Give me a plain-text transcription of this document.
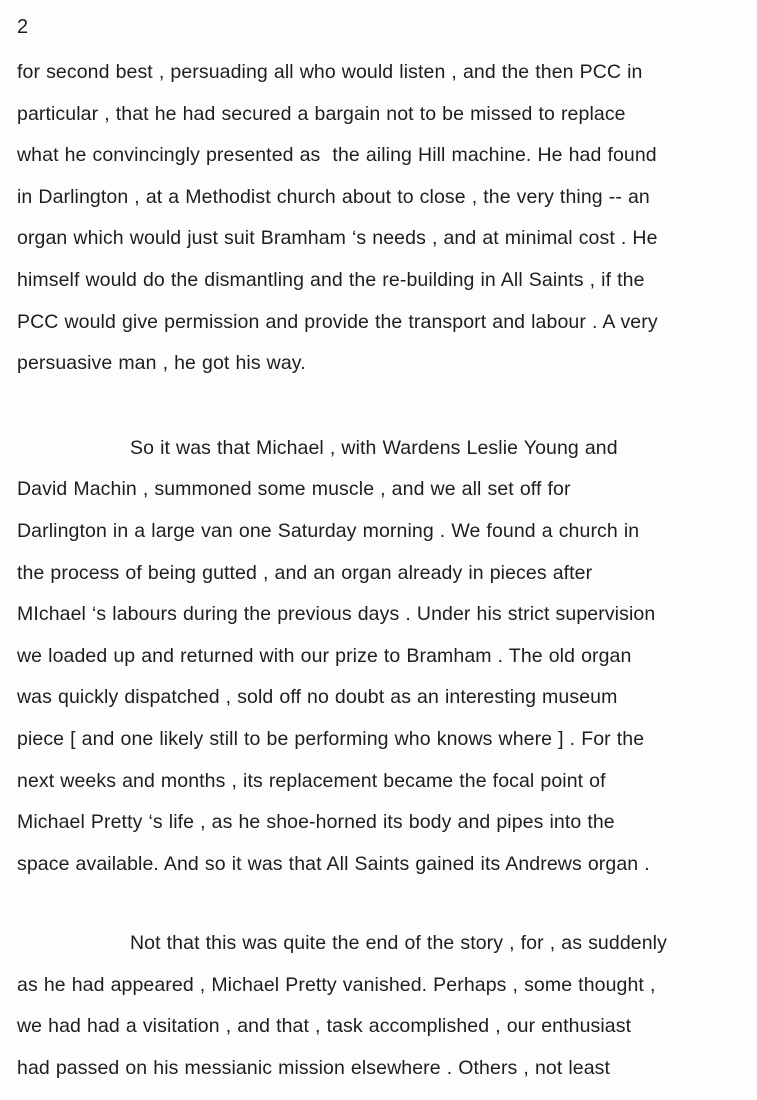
2
for second best , persuading all who would listen , and the then PCC in
particular , that he had secured a bargain not to be missed to replace
what he convincingly presented as  the ailing Hill machine. He had found
in Darlington , at a Methodist church about to close , the very thing -- an
organ which would just suit Bramham ‘s needs , and at minimal cost . He
himself would do the dismantling and the re-building in All Saints , if the
PCC would give permission and provide the transport and labour . A very
persuasive man , he got his way.
So it was that Michael , with Wardens Leslie Young and
David Machin , summoned some muscle , and we all set off for
Darlington in a large van one Saturday morning . We found a church in
the process of being gutted , and an organ already in pieces after
MIchael ‘s labours during the previous days . Under his strict supervision
we loaded up and returned with our prize to Bramham . The old organ
was quickly dispatched , sold off no doubt as an interesting museum
piece [ and one likely still to be performing who knows where ] . For the
next weeks and months , its replacement became the focal point of
Michael Pretty ‘s life , as he shoe-horned its body and pipes into the
space available. And so it was that All Saints gained its Andrews organ .
Not that this was quite the end of the story , for , as suddenly
as he had appeared , Michael Pretty vanished. Perhaps , some thought ,
we had had a visitation , and that , task accomplished , our enthusiast
had passed on his messianic mission elsewhere . Others , not least
